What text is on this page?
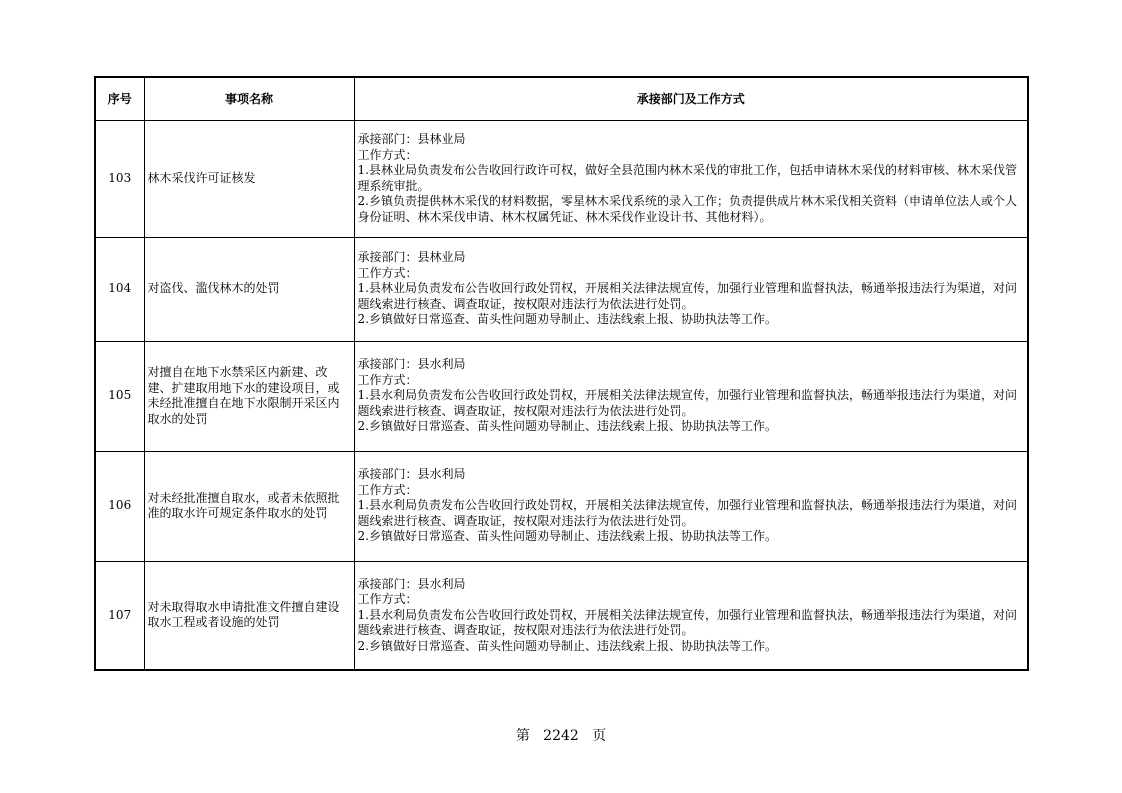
序号	事项名称	承接部门及工作方式
103	林木采伐许可证核发	承接部门：县林业局
工作方式：
1.县林业局负责发布公告收回行政许可权，做好全县范围内林木采伐的审批工作，包括申请林木采伐的材料审核、林木采伐管理系统审批。
2.乡镇负责提供林木采伐的材料数据，零星林木采伐系统的录入工作；负责提供成片林木采伐相关资料（申请单位法人或个人身份证明、林木采伐申请、林木权属凭证、林木采伐作业设计书、其他材料）。

104	对盗伐、滥伐林木的处罚	承接部门：县林业局
工作方式：
1.县林业局负责发布公告收回行政处罚权，开展相关法律法规宣传，加强行业管理和监督执法，畅通举报违法行为渠道，对问题线索进行核查、调查取证，按权限对违法行为依法进行处罚。
2.乡镇做好日常巡查、苗头性问题劝导制止、违法线索上报、协助执法等工作。

105	对擅自在地下水禁采区内新建、改建、扩建取用地下水的建设项目，或未经批准擅自在地下水限制开采区内取水的处罚	承接部门：县水利局
工作方式：
1.县水利局负责发布公告收回行政处罚权，开展相关法律法规宣传，加强行业管理和监督执法，畅通举报违法行为渠道，对问题线索进行核查、调查取证，按权限对违法行为依法进行处罚。
2.乡镇做好日常巡查、苗头性问题劝导制止、违法线索上报、协助执法等工作。

106	对未经批准擅自取水，或者未依照批准的取水许可规定条件取水的处罚	承接部门：县水利局
工作方式：
1.县水利局负责发布公告收回行政处罚权，开展相关法律法规宣传，加强行业管理和监督执法，畅通举报违法行为渠道，对问题线索进行核查、调查取证，按权限对违法行为依法进行处罚。
2.乡镇做好日常巡查、苗头性问题劝导制止、违法线索上报、协助执法等工作。

107	对未取得取水申请批准文件擅自建设取水工程或者设施的处罚	承接部门：县水利局
工作方式：
1.县水利局负责发布公告收回行政处罚权，开展相关法律法规宣传，加强行业管理和监督执法，畅通举报违法行为渠道，对问题线索进行核查、调查取证，按权限对违法行为依法进行处罚。
2.乡镇做好日常巡查、苗头性问题劝导制止、违法线索上报、协助执法等工作。
第 2242 页
